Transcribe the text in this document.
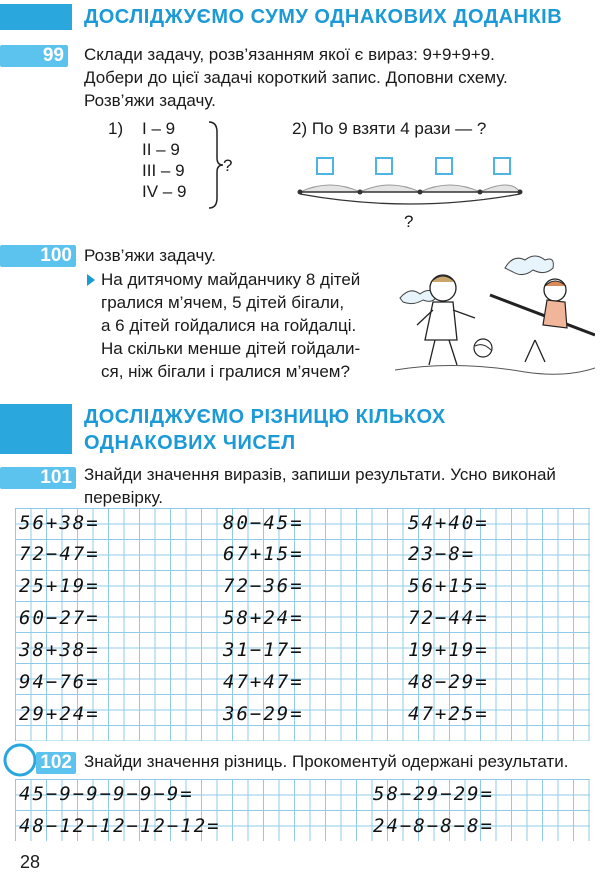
ДОСЛІДЖУЄМО СУМУ ОДНАКОВИХ ДОДАНКІВ
99 Склади задачу, розв’язанням якої є вираз: 9+9+9+9.
Добери до цієї задачі короткий запис. Доповни схему.
Розв’яжи задачу.
1) І – 9
ІІ – 9
ІІІ – 9
IV – 9
?
2) По 9 взяти 4 рази — ?
?
100 Розв’яжи задачу.
На дитячому майданчику 8 дітей
гралися м’ячем, 5 дітей бігали,
а 6 дітей гойдалися на гойдалці.
На скільки менше дітей гойдали-
ся, ніж бігали і гралися м’ячем?
ДОСЛІДЖУЄМО РІЗНИЦЮ КІЛЬКОХ
ОДНАКОВИХ ЧИСЕЛ
101 Знайди значення виразів, запиши результати. Усно виконай
перевірку.
56+38=	80−45=	54+40=
72−47=	67+15=	23−8=
25+19=	72−36=	56+15=
60−27=	58+24=	72−44=
38+38=	31−17=	19+19=
94−76=	47+47=	48−29=
29+24=	36−29=	47+25=
102 Знайди значення різниць. Прокоментуй одержані результати.
45−9−9−9−9−9=	58−29−29=
48−12−12−12−12=	24−8−8−8=
28
